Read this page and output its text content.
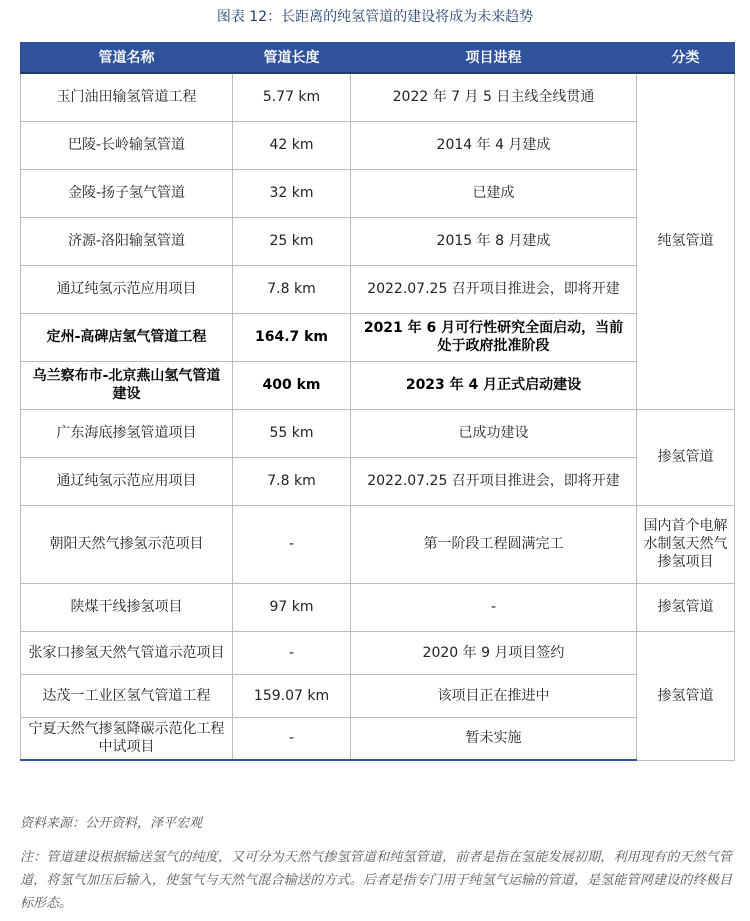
图表 12：长距离的纯氢管道的建设将成为未来趋势
管道名称	管道长度	项目进程	分类
玉门油田输氢管道工程	5.77 km	2022 年 7 月 5 日主线全线贯通	纯氢管道
巴陵-长岭输氢管道	42 km	2014 年 4 月建成	
金陵-扬子氢气管道	32 km	已建成	
济源-洛阳输氢管道	25 km	2015 年 8 月建成	
通辽纯氢示范应用项目	7.8 km	2022.07.25 召开项目推进会，即将开建	
定州-高碑店氢气管道工程	164.7 km	2021 年 6 月可行性研究全面启动，当前处于政府批准阶段	
乌兰察布市-北京燕山氢气管道建设	400 km	2023 年 4 月正式启动建设	
广东海底掺氢管道项目	55 km	已成功建设	掺氢管道
通辽纯氢示范应用项目	7.8 km	2022.07.25 召开项目推进会，即将开建	
朝阳天然气掺氢示范项目	-	第一阶段工程圆满完工	国内首个电解水制氢天然气掺氢项目
陕煤干线掺氢项目	97 km	-	掺氢管道
张家口掺氢天然气管道示范项目	-	2020 年 9 月项目签约	掺氢管道
达茂一工业区氢气管道工程	159.07 km	该项目正在推进中	
宁夏天然气掺氢降碳示范化工程中试项目	-	暂未实施	
资料来源：公开资料，泽平宏观
注：管道建设根据输送氢气的纯度，又可分为天然气掺氢管道和纯氢管道，前者是指在氢能发展初期，利用现有的天然气管道，将氢气加压后输入，使氢气与天然气混合输送的方式。后者是指专门用于纯氢气运输的管道，是氢能管网建设的终极目标形态。
